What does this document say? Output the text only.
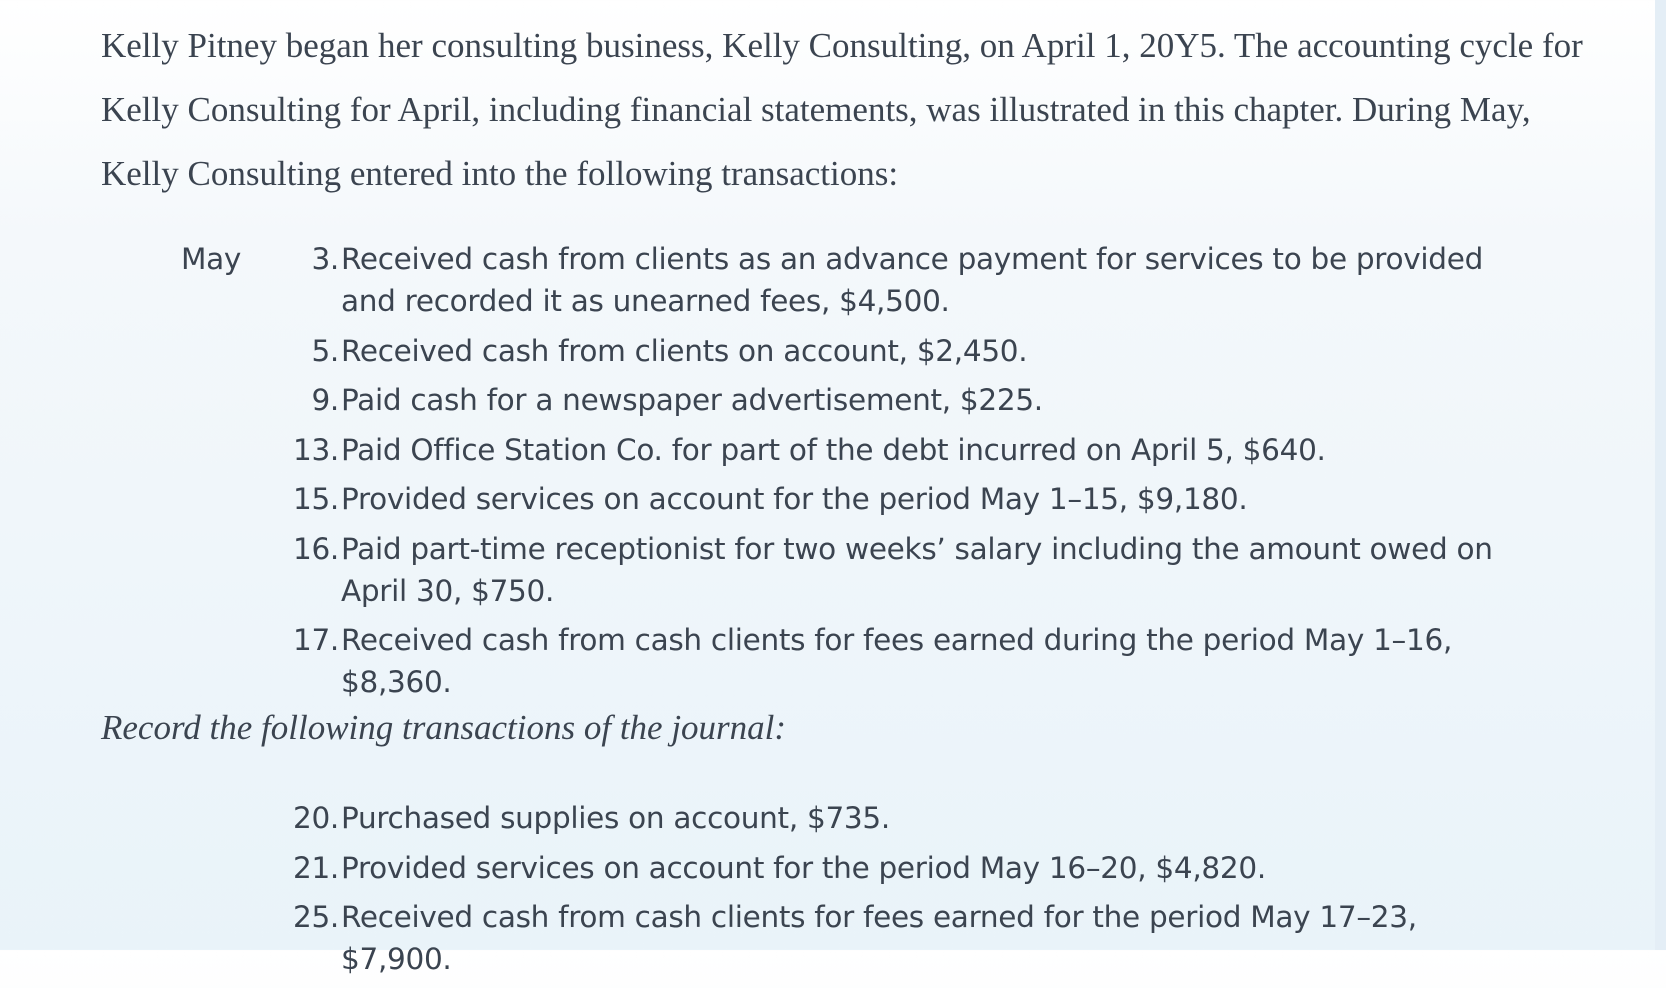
Kelly Pitney began her consulting business, Kelly Consulting, on April 1, 20Y5. The accounting cycle for Kelly Consulting for April, including financial statements, was illustrated in this chapter. During May, Kelly Consulting entered into the following transactions:

May	3. Received cash from clients as an advance payment for services to be provided and recorded it as unearned fees, $4,500.
5. Received cash from clients on account, $2,450.
9. Paid cash for a newspaper advertisement, $225.
13. Paid Office Station Co. for part of the debt incurred on April 5, $640.
15. Provided services on account for the period May 1–15, $9,180.
16. Paid part-time receptionist for two weeks’ salary including the amount owed on April 30, $750.
17. Received cash from cash clients for fees earned during the period May 1–16, $8,360.

Record the following transactions of the journal:

20. Purchased supplies on account, $735.
21. Provided services on account for the period May 16–20, $4,820.
25. Received cash from cash clients for fees earned for the period May 17–23, $7,900.
